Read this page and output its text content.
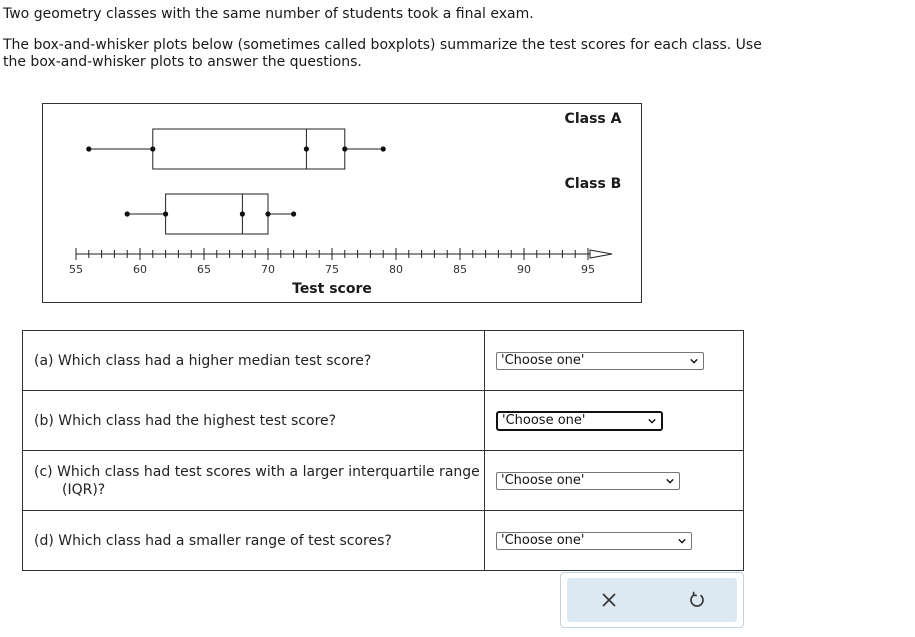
Two geometry classes with the same number of students took a final exam.

The box-and-whisker plots below (sometimes called boxplots) summarize the test scores for each class. Use the box-and-whisker plots to answer the questions.

Class A
Class B
55	60	65	70	75	80	85	90	95
Test score
(a) Which class had a higher median test score?	'Choose one'

(b) Which class had the highest test score?	'Choose one'

(c) Which class had test scores with a larger interquartile range (IQR)?	'Choose one'

(d) Which class had a smaller range of test scores?	'Choose one'
